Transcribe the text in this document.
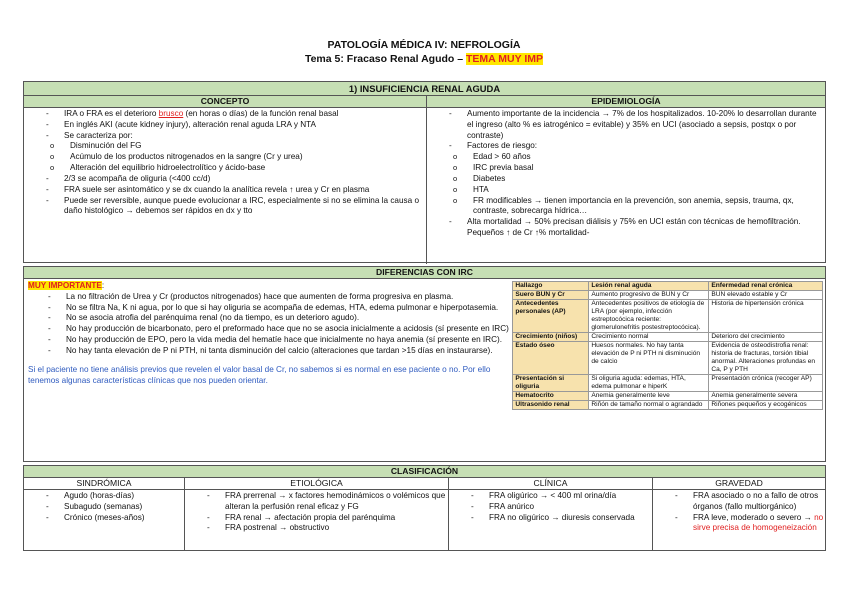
PATOLOGÍA MÉDICA IV: NEFROLOGÍA
Tema 5: Fracaso Renal Agudo – TEMA MUY IMP
1) INSUFICIENCIA RENAL AGUDA
CONCEPTO
- IRA o FRA es el deterioro brusco (en horas o días) de la función renal basal
- En inglés AKI (acute kidney injury), alteración renal aguda LRA y NTA
- Se caracteriza por:
o Disminución del FG
o Acúmulo de los productos nitrogenados en la sangre (Cr y urea)
o Alteración del equilibrio hidroelectrolítico y ácido-base
- 2/3 se acompaña de oliguria (<400 cc/d)
- FRA suele ser asintomático y se dx cuando la analítica revela ↑ urea y Cr en plasma
- Puede ser reversible, aunque puede evolucionar a IRC, especialmente si no se elimina la causa o daño histológico → debemos ser rápidos en dx y tto
EPIDEMIOLOGÍA
- Aumento importante de la incidencia → 7% de los hospitalizados. 10-20% lo desarrollan durante el ingreso (alto % es iatrogénico = evitable) y 35% en UCI (asociado a sepsis, postqx o por contraste)
- Factores de riesgo:
o Edad > 60 años
o IRC previa basal
o Diabetes
o HTA
o FR modificables → tienen importancia en la prevención, son anemia, sepsis, trauma, qx, contraste, sobrecarga hídrica…
- Alta mortalidad → 50% precisan diálisis y 75% en UCI están con técnicas de hemofiltración. Pequeños ↑ de Cr ↑% mortalidad-
DIFERENCIAS CON IRC
MUY IMPORTANTE:
- La no filtración de Urea y Cr (productos nitrogenados) hace que aumenten de forma progresiva en plasma.
- No se filtra Na, K ni agua, por lo que si hay oliguria se acompaña de edemas, HTA, edema pulmonar e hiperpotasemia.
- No se asocia atrofia del parénquima renal (no da tiempo, es un deterioro agudo).
- No hay producción de bicarbonato, pero el preformado hace que no se asocia inicialmente a acidosis (sí presente en IRC)
- No hay producción de EPO, pero la vida media del hematíe hace que inicialmente no haya anemia (sí presente en IRC).
- No hay tanta elevación de P ni PTH, ni tanta disminución del calcio (alteraciones que tardan >15 días en instaurarse).
Si el paciente no tiene análisis previos que revelen el valor basal de Cr, no sabemos si es normal en ese paciente o no. Por ello tenemos algunas características clínicas que nos pueden orientar.
Hallazgo	Lesión renal aguda	Enfermedad renal crónica
Suero BUN y Cr	Aumento progresivo de BUN y Cr	BUN elevado estable y Cr
Antecedentes personales (AP)	Antecedentes positivos de etiología de LRA (por ejemplo, infección estreptocócica reciente: glomerulonefritis postestreptocócica).	Historia de hipertensión crónica
Crecimiento (niños)	Crecimiento normal	Deterioro del crecimiento
Estado óseo	Huesos normales. No hay tanta elevación de P ni PTH ni disminución de calcio	Evidencia de osteodistrofia renal: historia de fracturas, torsión tibial anormal. Alteraciones profundas en Ca, P y PTH
Presentación si oliguria	Si oliguria aguda: edemas, HTA, edema pulmonar e hiperK	Presentación crónica (recoger AP)
Hematocrito	Anemia generalmente leve	Anemia generalmente severa
Ultrasonido renal	Riñón de tamaño normal o agrandado	Riñones pequeños y ecogénicos
CLASIFICACIÓN
SINDRÓMICA
- Agudo (horas-días)
- Subagudo (semanas)
- Crónico (meses-años)
ETIOLÓGICA
- FRA prerrenal → x factores hemodinámicos o volémicos que alteran la perfusión renal eficaz y FG
- FRA renal → afectación propia del parénquima
- FRA postrenal → obstructivo
CLÍNICA
- FRA oligúrico → < 400 ml orina/día
- FRA anúrico
- FRA no oligúrico → diuresis conservada
GRAVEDAD
- FRA asociado o no a fallo de otros órganos (fallo multiorgánico)
- FRA leve, moderado o severo → no sirve precisa de homogeneización
